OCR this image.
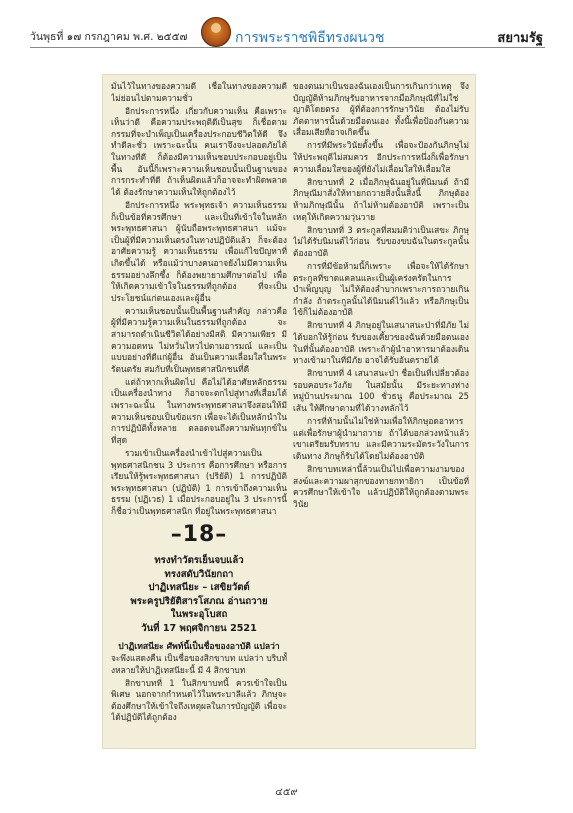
วันพุธที่ ๑๗ กรกฎาคม พ.ศ. ๒๕๕๗	การพระราชพิธีทรงผนวช	สยามรัฐ

มั่นไว้ในทางของความดี เชื่อในทางของความดี ไม่ย่อนไปตามความชั่ว

อีกประการหนึ่ง เกี่ยวกับความเห็น คือเพราะเห็นว่าดี คือความประพฤติดีเป็นสุข ก็เชื่อตามกรรมที่จะบำเพ็ญเป็นเครื่องประกอบชีวิตให้ดี จึงทำดีละชั่ว เพราะฉะนั้น คนเราจึงจะปลอดภัยได้ ในทางที่ดี ก็ต้องมีความเห็นชอบประกอบอยู่เป็นพื้น อันนี้ก็เพราะความเห็นชอบนั้นเป็นฐานของการกระทำที่ดี ถ้าเห็นผิดแล้วก็อาจจะทำผิดพลาดได้ ต้องรักษาความเห็นให้ถูกต้องไว้

อีกประการหนึ่ง พระพุทธเจ้า ความเห็นธรรม ก็เป็นข้อที่ควรศึกษา และเป็นที่เข้าใจในหลักพระพุทธศาสนา ผู้นับถือพระพุทธศาสนา แม้จะเป็นผู้ที่มีความเห็นตรงในทางปฏิบัติแล้ว ก็จะต้องอาศัยความรู้ ความเห็นธรรม เพื่อแก้ไขปัญหาที่เกิดขึ้นได้ หรือแม้ว่าบางคนอาจยังไม่มีความเห็นธรรมอย่างลึกซึ้ง ก็ต้องพยายามศึกษาต่อไป เพื่อให้เกิดความเข้าใจในธรรมที่ถูกต้อง ที่จะเป็นประโยชน์แก่ตนเองและผู้อื่น

ความเห็นชอบนั้นเป็นพื้นฐานสำคัญ กล่าวคือ ผู้ที่มีความรู้ความเห็นในธรรมที่ถูกต้อง จะสามารถดำเนินชีวิตได้อย่างมีสติ มีความเพียร มีความอดทน ไม่หวั่นไหวไปตามอารมณ์ และเป็นแบบอย่างที่ดีแก่ผู้อื่น อันเป็นความเลื่อมใสในพระรัตนตรัย สมกับที่เป็นพุทธศาสนิกชนที่ดี

แต่ถ้าหากเห็นผิดไป คือไม่ได้อาศัยหลักธรรมเป็นเครื่องนำทาง ก็อาจจะตกไปสู่ทางที่เสื่อมได้ เพราะฉะนั้น ในทางพระพุทธศาสนาจึงสอนให้มีความเห็นชอบเป็นข้อแรก เพื่อจะได้เป็นหลักนำในการปฏิบัติทั้งหลาย ตลอดจนถึงความพ้นทุกข์ในที่สุด

รวมเข้าเป็นเครื่องนำเข้าไปสู่ความเป็นพุทธศาสนิกชน 3 ประการ คือการศึกษา หรือการเรียนให้รู้พระพุทธศาสนา (ปริยัติ) 1 การปฏิบัติพระพุทธศาสนา (ปฏิบัติ) 1 การเข้าถึงความเห็นธรรม (ปฏิเวธ) 1 เมื่อประกอบอยู่ใน 3 ประการนี้ ก็ชื่อว่าเป็นพุทธศาสนิก ที่อยู่ในพระพุทธศาสนา

–18–
ทรงทำวัตรเย็นจบแล้ว
ทรงสดับวินัยกถา
ปาฏิเทสนียะ – เสขิยวัตต์
พระครูปริยัติสารโสภณ อ่านถวาย
ในพระอุโบสถ
วันที่ 17 พฤศจิกายน 2521
ปาฏิเทสนียะ ศัพท์นี้เป็นชื่อของอาบัติ แปลว่า

จะพึงแสดงคืน เป็นชื่อของสิกขาบท แปลว่า บริบทั้งหลายให้ปาฏิเทสนียะนี้ มี 4 สิกขาบท

สิกขาบทที่ 1 ในสิกขาบทนี้ ควรเข้าใจเป็นพิเศษ นอกจากกำหนดไว้ในพระบาลีแล้ว ภิกษุจะต้องศึกษาให้เข้าใจถึงเหตุผลในการบัญญัติ เพื่อจะได้ปฏิบัติได้ถูกต้อง

ของตนมาเป็นของฉันเองเป็นการเกินกว่าเหตุ จึงบัญญัติห้ามภิกษุรับอาหารจากมือภิกษุณีที่ไม่ใช่ญาติโดยตรง ผู้ที่ต้องการรักษาวินัย ต้องไม่รับภัตตาหารนั้นด้วยมือตนเอง ทั้งนี้เพื่อป้องกันความเสื่อมเสียที่อาจเกิดขึ้น

การที่มีพระวินัยตั้งขึ้น เพื่อจะป้องกันภิกษุไม่ให้ประพฤติไม่สมควร อีกประการหนึ่งก็เพื่อรักษาความเลื่อมใสของผู้ที่ยังไม่เลื่อมใสให้เลื่อมใส

สิกขาบทที่ 2 เมื่อภิกษุฉันอยู่ในที่นิมนต์ ถ้ามีภิกษุณีมาสั่งให้ทายกถวายสิ่งนั้นสิ่งนี้ ภิกษุต้องห้ามภิกษุณีนั้น ถ้าไม่ห้ามต้องอาบัติ เพราะเป็นเหตุให้เกิดความวุ่นวาย

สิกขาบทที่ 3 ตระกูลที่สมมติว่าเป็นเสขะ ภิกษุไม่ได้รับนิมนต์ไว้ก่อน รับของขบฉันในตระกูลนั้นต้องอาบัติ

การที่มีข้อห้ามนี้ก็เพราะ เพื่อจะให้ได้รักษาตระกูลที่ขาดแคลนและเป็นผู้เคร่งครัดในการบำเพ็ญบุญ ไม่ให้ต้องลำบากเพราะการถวายเกินกำลัง ถ้าตระกูลนั้นได้นิมนต์ไว้แล้ว หรือภิกษุเป็นไข้ก็ไม่ต้องอาบัติ

สิกขาบทที่ 4 ภิกษุอยู่ในเสนาสนะป่าที่มีภัย ไม่ได้บอกให้รู้ก่อน รับของเคี้ยวของฉันด้วยมือตนเองในที่นั้นต้องอาบัติ เพราะถ้าผู้นำอาหารมาต้องเดินทางเข้ามาในที่มีภัย อาจได้รับอันตรายได้

สิกขาบทที่ 4 เสนาสนะป่า ชื่อเป็นที่เปลี่ยวต้องรอบคอบระวังภัย ในสมัยนั้น มีระยะทางห่างหมู่บ้านประมาณ 100 ชั่วธนู คือประมาณ 25 เส้น ให้ศึกษาตามที่ได้วางหลักไว้

การที่ห้ามนั้นไม่ใช่ห้ามเพื่อให้ภิกษุอดอาหาร แต่เพื่อรักษาผู้นำมาถวาย ถ้าได้บอกล่วงหน้าแล้วเขาเตรียมรับทราบ และมีความระมัดระวังในการเดินทาง ภิกษุก็รับได้โดยไม่ต้องอาบัติ

สิกขาบทเหล่านี้ล้วนเป็นไปเพื่อความงามของสงฆ์และความผาสุกของทายกทายิกา เป็นข้อที่ควรศึกษาให้เข้าใจ แล้วปฏิบัติให้ถูกต้องตามพระวินัย

๔๕๙
